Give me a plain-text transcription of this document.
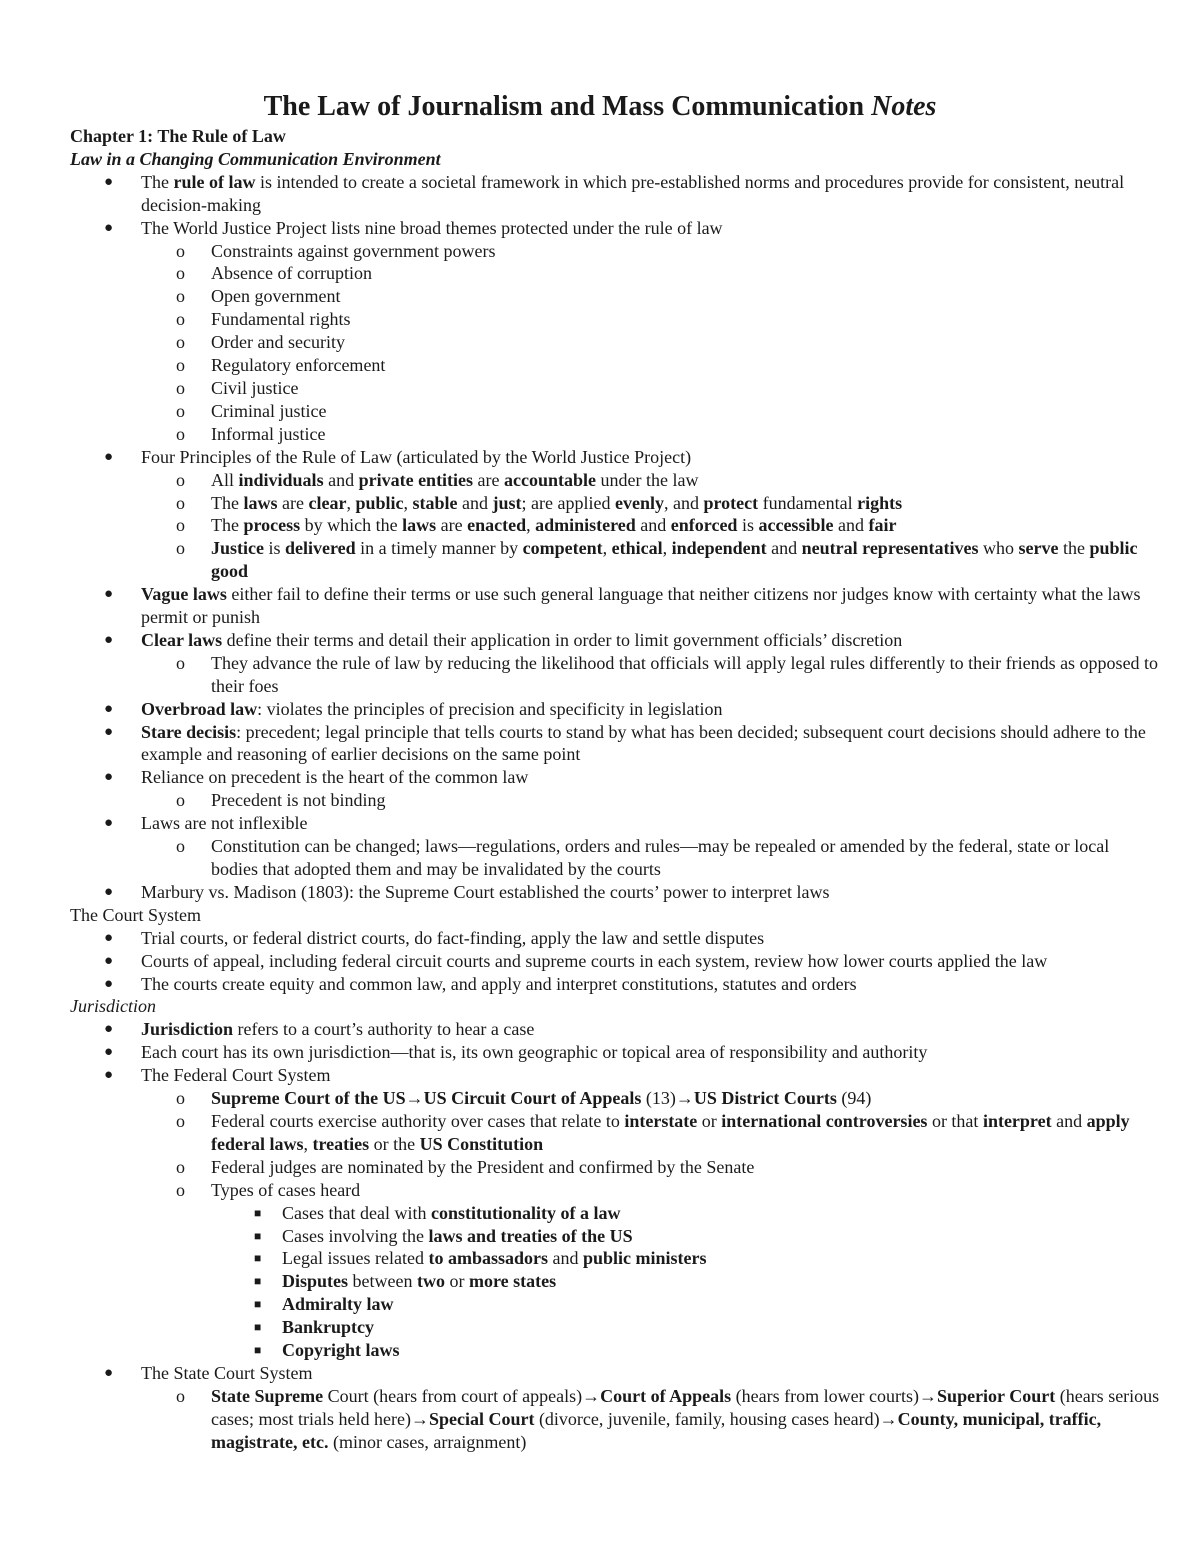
The Law of Journalism and Mass Communication Notes

Chapter 1: The Rule of Law

Law in a Changing Communication Environment

● The rule of law is intended to create a societal framework in which pre-established norms and procedures provide for consistent, neutral decision-making
● The World Justice Project lists nine broad themes protected under the rule of law
o Constraints against government powers
o Absence of corruption
o Open government
o Fundamental rights
o Order and security
o Regulatory enforcement
o Civil justice
o Criminal justice
o Informal justice
● Four Principles of the Rule of Law (articulated by the World Justice Project)
o All individuals and private entities are accountable under the law
o The laws are clear, public, stable and just; are applied evenly, and protect fundamental rights
o The process by which the laws are enacted, administered and enforced is accessible and fair
o Justice is delivered in a timely manner by competent, ethical, independent and neutral representatives who serve the public good
● Vague laws either fail to define their terms or use such general language that neither citizens nor judges know with certainty what the laws permit or punish
● Clear laws define their terms and detail their application in order to limit government officials’ discretion
o They advance the rule of law by reducing the likelihood that officials will apply legal rules differently to their friends as opposed to their foes
● Overbroad law: violates the principles of precision and specificity in legislation
● Stare decisis: precedent; legal principle that tells courts to stand by what has been decided; subsequent court decisions should adhere to the example and reasoning of earlier decisions on the same point
● Reliance on precedent is the heart of the common law
o Precedent is not binding
● Laws are not inflexible
o Constitution can be changed; laws—regulations, orders and rules—may be repealed or amended by the federal, state or local bodies that adopted them and may be invalidated by the courts
● Marbury vs. Madison (1803): the Supreme Court established the courts’ power to interpret laws

The Court System

● Trial courts, or federal district courts, do fact-finding, apply the law and settle disputes
● Courts of appeal, including federal circuit courts and supreme courts in each system, review how lower courts applied the law
● The courts create equity and common law, and apply and interpret constitutions, statutes and orders

Jurisdiction

● Jurisdiction refers to a court’s authority to hear a case
● Each court has its own jurisdiction—that is, its own geographic or topical area of responsibility and authority
● The Federal Court System
o Supreme Court of the US→US Circuit Court of Appeals (13)→US District Courts (94)
o Federal courts exercise authority over cases that relate to interstate or international controversies or that interpret and apply federal laws, treaties or the US Constitution
o Federal judges are nominated by the President and confirmed by the Senate
o Types of cases heard
■ Cases that deal with constitutionality of a law
■ Cases involving the laws and treaties of the US
■ Legal issues related to ambassadors and public ministers
■ Disputes between two or more states
■ Admiralty law
■ Bankruptcy
■ Copyright laws
● The State Court System
o State Supreme Court (hears from court of appeals)→Court of Appeals (hears from lower courts)→Superior Court (hears serious cases; most trials held here)→Special Court (divorce, juvenile, family, housing cases heard)→County, municipal, traffic, magistrate, etc. (minor cases, arraignment)
